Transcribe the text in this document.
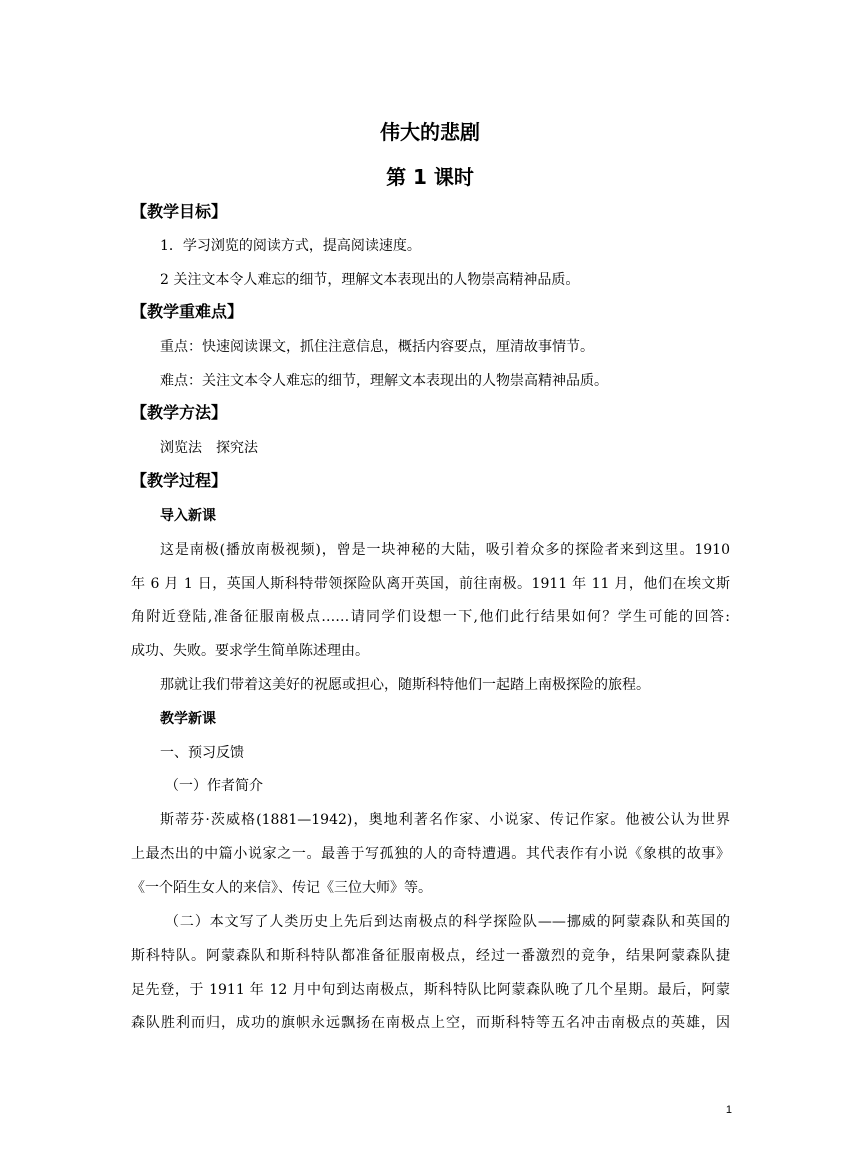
伟大的悲剧
第 1 课时
【教学目标】
1．学习浏览的阅读方式，提高阅读速度。
2 关注文本令人难忘的细节，理解文本表现出的人物崇高精神品质。
【教学重难点】
重点：快速阅读课文，抓住注意信息，概括内容要点，厘清故事情节。
难点：关注文本令人难忘的细节，理解文本表现出的人物崇高精神品质。
【教学方法】
浏览法　探究法
【教学过程】
导入新课
这是南极(播放南极视频)，曾是一块神秘的大陆，吸引着众多的探险者来到这里。1910
年 6 月 1 日，英国人斯科特带领探险队离开英国，前往南极。1911 年 11 月，他们在埃文斯
角附近登陆,准备征服南极点……请同学们设想一下,他们此行结果如何？学生可能的回答:
成功、失败。要求学生简单陈述理由。
那就让我们带着这美好的祝愿或担心，随斯科特他们一起踏上南极探险的旅程。
教学新课
一、预习反馈
（一）作者简介
斯蒂芬·茨威格(1881—1942)，奥地利著名作家、小说家、传记作家。他被公认为世界
上最杰出的中篇小说家之一。最善于写孤独的人的奇特遭遇。其代表作有小说《象棋的故事》
《一个陌生女人的来信》、传记《三位大师》等。
（二）本文写了人类历史上先后到达南极点的科学探险队——挪威的阿蒙森队和英国的
斯科特队。阿蒙森队和斯科特队都准备征服南极点，经过一番激烈的竞争，结果阿蒙森队捷
足先登，于 1911 年 12 月中旬到达南极点，斯科特队比阿蒙森队晚了几个星期。最后，阿蒙
森队胜利而归，成功的旗帜永远飘扬在南极点上空，而斯科特等五名冲击南极点的英雄，因
1
